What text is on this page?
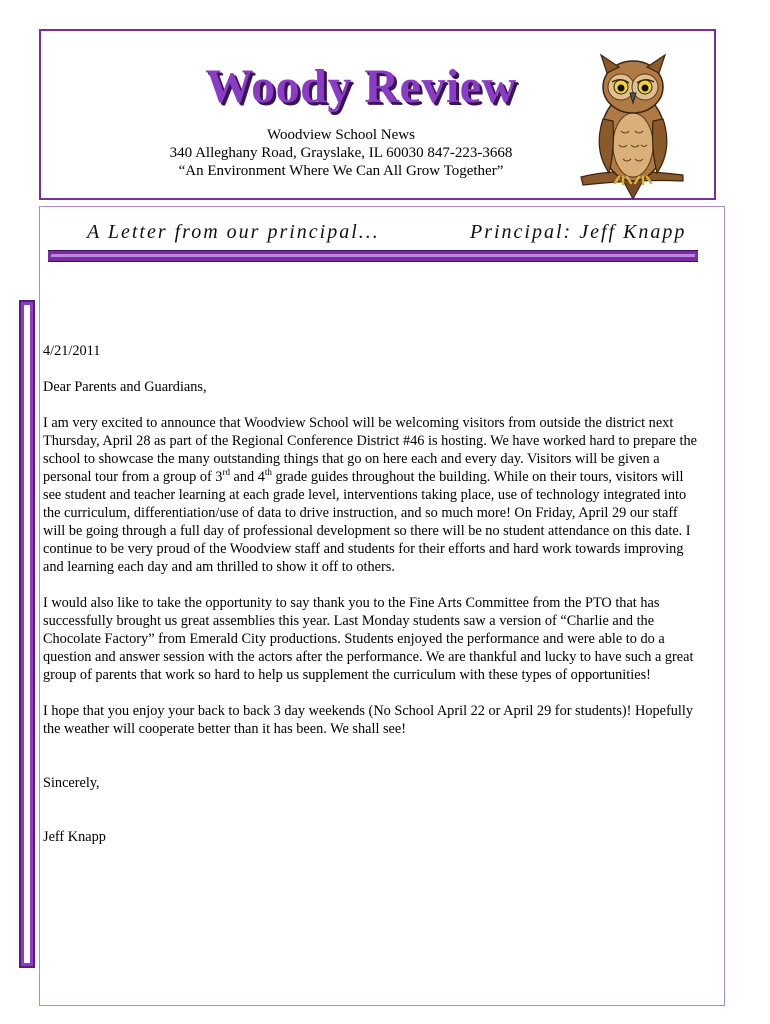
Woody Review
Woodview School News
340 Alleghany Road, Grayslake, IL 60030 847-223-3668
“An Environment Where We Can All Grow Together”
A Letter from our principal...	Principal: Jeff Knapp

4/21/2011

Dear Parents and Guardians,

I am very excited to announce that Woodview School will be welcoming visitors from outside the district next Thursday, April 28 as part of the Regional Conference District #46 is hosting. We have worked hard to prepare the school to showcase the many outstanding things that go on here each and every day. Visitors will be given a personal tour from a group of 3rd and 4th grade guides throughout the building. While on their tours, visitors will see student and teacher learning at each grade level, interventions taking place, use of technology integrated into the curriculum, differentiation/use of data to drive instruction, and so much more! On Friday, April 29 our staff will be going through a full day of professional development so there will be no student attendance on this date. I continue to be very proud of the Woodview staff and students for their efforts and hard work towards improving and learning each day and am thrilled to show it off to others.

I would also like to take the opportunity to say thank you to the Fine Arts Committee from the PTO that has successfully brought us great assemblies this year. Last Monday students saw a version of “Charlie and the Chocolate Factory” from Emerald City productions. Students enjoyed the performance and were able to do a question and answer session with the actors after the performance. We are thankful and lucky to have such a great group of parents that work so hard to help us supplement the curriculum with these types of opportunities!

I hope that you enjoy your back to back 3 day weekends (No School April 22 or April 29 for students)! Hopefully the weather will cooperate better than it has been. We shall see!

Sincerely,

Jeff Knapp
